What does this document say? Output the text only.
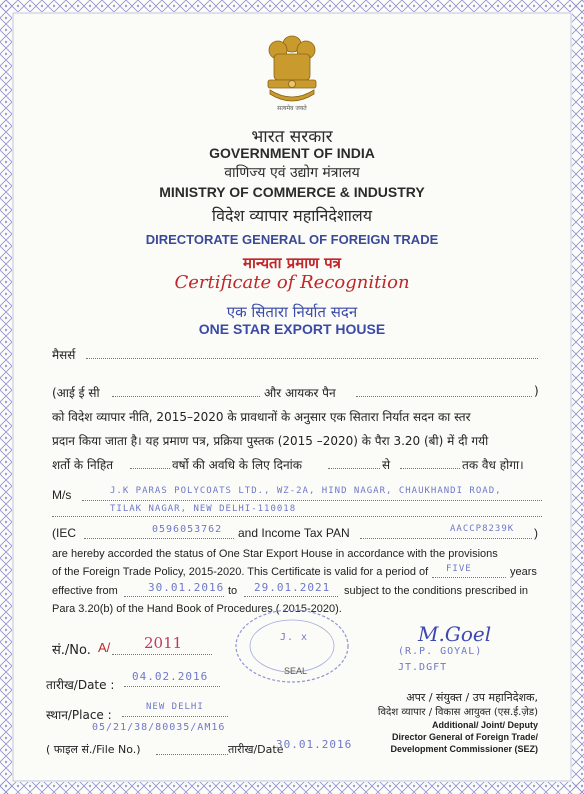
सत्यमेव जयते
भारत सरकार
GOVERNMENT OF INDIA
वाणिज्य एवं उद्योग मंत्रालय
MINISTRY OF COMMERCE & INDUSTRY
विदेश व्यापार महानिदेशालय
DIRECTORATE GENERAL OF FOREIGN TRADE
मान्यता प्रमाण पत्र
Certificate of Recognition
एक सितारा निर्यात सदन
ONE STAR EXPORT HOUSE
मैसर्स
(आई ई सी	और आयकर पैन	)
को विदेश व्यापार नीति, 2015–2020 के प्रावधानों के अनुसार एक सितारा निर्यात सदन का स्तर
प्रदान किया जाता है। यह प्रमाण पत्र, प्रक्रिया पुस्तक (2015 –2020) के पैरा 3.20 (बी) में दी गयी
शर्तो के निहित	वर्षो की अवधि के लिए दिनांक	से	तक वैध होगा।
M/s	J.K PARAS POLYCOATS LTD., WZ-2A, HIND NAGAR, CHAUKHANDI ROAD,
TILAK NAGAR, NEW DELHI-110018
(IEC	0596053762 and Income Tax PAN	AACCP8239K )
are hereby accorded the status of One Star Export House in accordance with the provisions
of the Foreign Trade Policy, 2015-2020. This Certificate is valid for a period of FIVE	years
effective from	30.01.2016 to 29.01.2021 subject to the conditions prescribed in
Para 3.20(b) of the Hand Book of Procedures ( 2015-2020).
J. x
SEAL
सं./No. A/ 2011
तारीख/Date :
04.02.2016
स्थान/Place :
NEW DELHI
05/21/38/80035/AM16
( फाइल सं./File No.)	तारीख/Date
30.01.2016
M.Goel
(R.P. GOYAL)
JT.DGFT
अपर / संयुक्त / उप महानिदेशक,
विदेश व्यापार / विकास आयुक्त (एस.ई.ज़ेड)
Additional/ Joint/ Deputy
Director General of Foreign Trade/
Development Commissioner (SEZ)
